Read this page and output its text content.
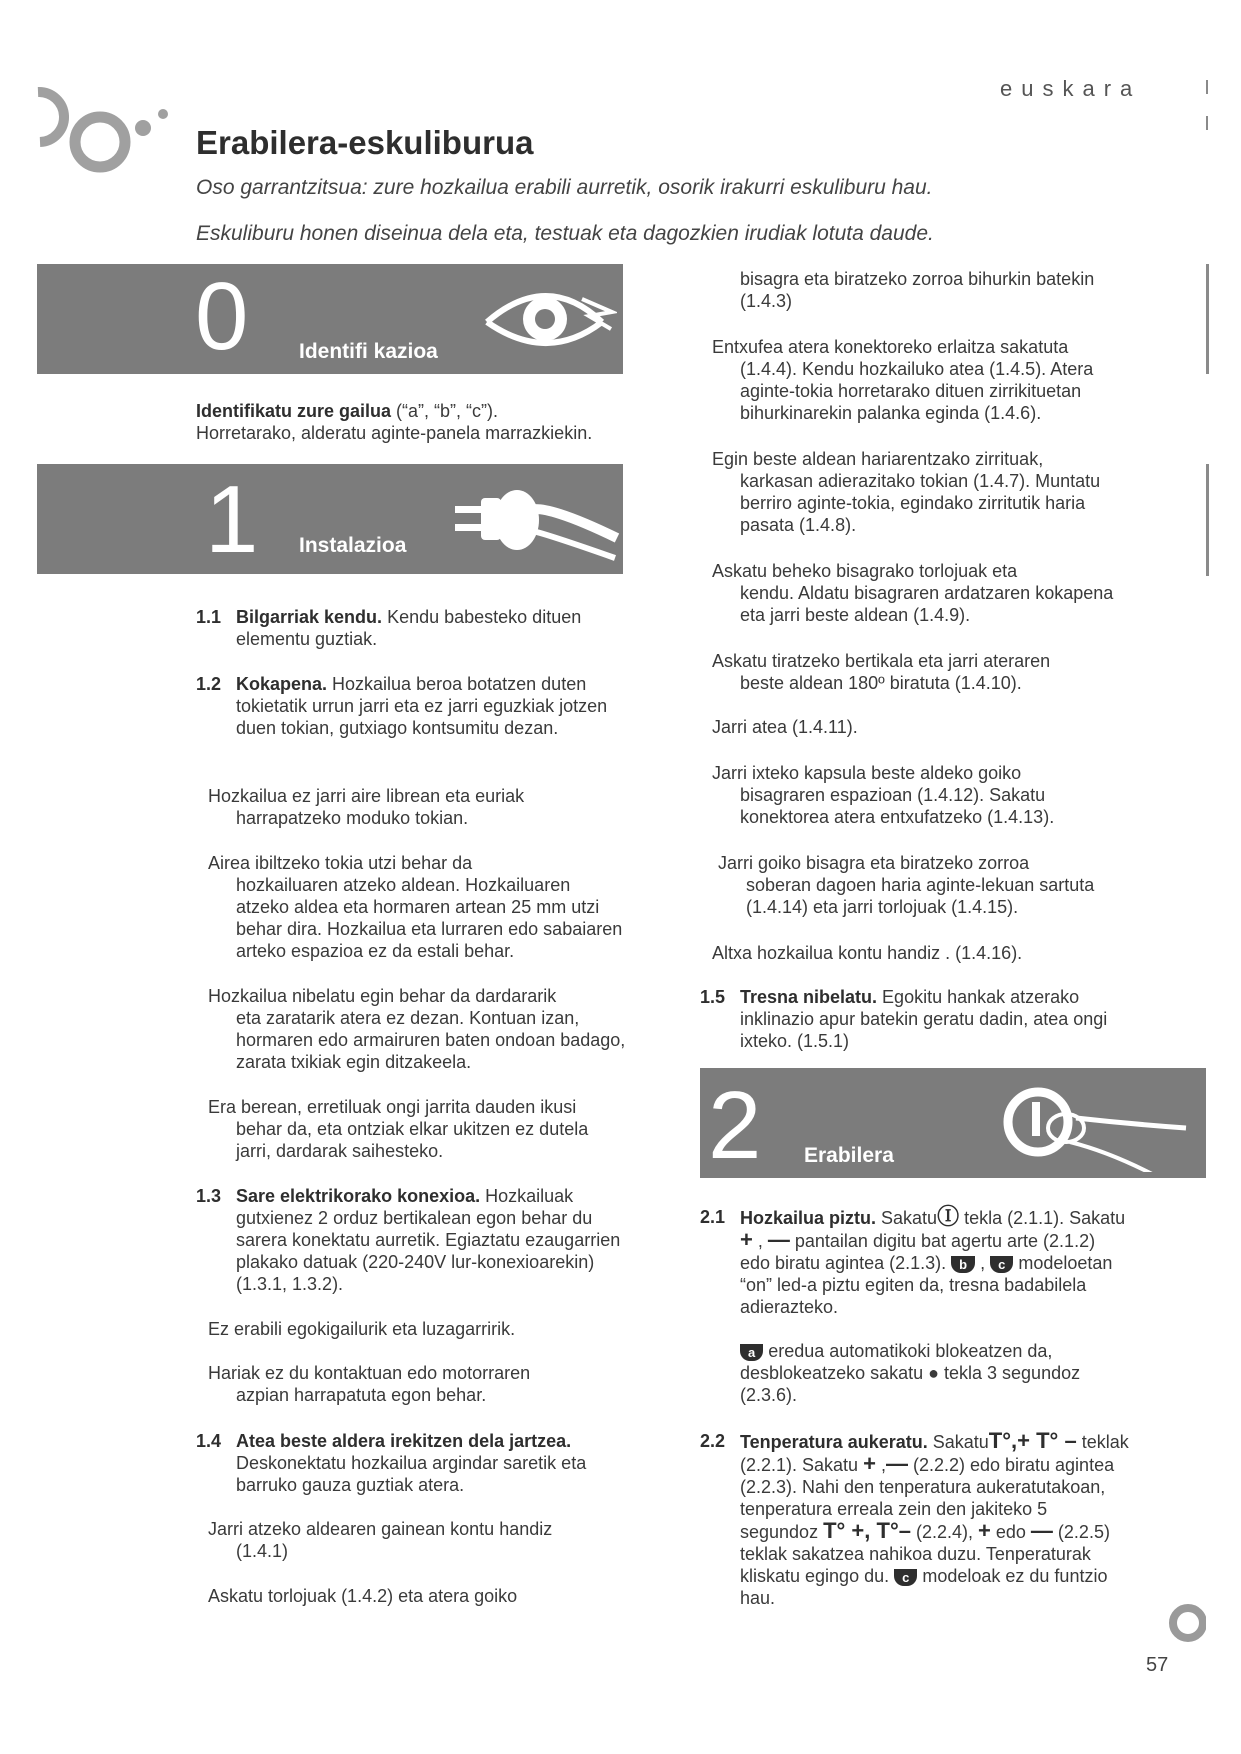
euskara
Erabilera-eskuliburua
Oso garrantzitsua: zure hozkailua erabili aurretik, osorik irakurri eskuliburu hau.
Eskuliburu honen diseinua dela eta, testuak eta dagozkien irudiak lotuta daude.
0 Identifi kazioa
Identifikatu zure gailua (“a”, “b”, “c”).
Horretarako, alderatu aginte-panela marrazkiekin.
1 Instalazioa
1.1 Bilgarriak kendu. Kendu babesteko dituen elementu guztiak.
1.2 Kokapena. Hozkailua beroa botatzen duten tokietatik urrun jarri eta ez jarri eguzkiak jotzen duen tokian, gutxiago kontsumitu dezan.
Hozkailua ez jarri aire librean eta euriak
harrapatzeko moduko tokian.
Airea ibiltzeko tokia utzi behar da
hozkailuaren atzeko aldean. Hozkailuaren atzeko aldea eta hormaren artean 25 mm utzi behar dira. Hozkailua eta lurraren edo sabaiaren arteko espazioa ez da estali behar.
Hozkailua nibelatu egin behar da dardararik
eta zaratarik atera ez dezan. Kontuan izan, hormaren edo armairuren baten ondoan badago, zarata txikiak egin ditzakeela.
Era berean, erretiluak ongi jarrita dauden ikusi
behar da, eta ontziak elkar ukitzen ez dutela jarri, dardarak saihesteko.
1.3 Sare elektrikorako konexioa. Hozkailuak gutxienez 2 orduz bertikalean egon behar du sarera konektatu aurretik. Egiaztatu ezaugarrien plakako datuak (220-240V lur-konexioarekin) (1.3.1, 1.3.2).
Ez erabili egokigailurik eta luzagarririk.
Hariak ez du kontaktuan edo motorraren
azpian harrapatuta egon behar.
1.4 Atea beste aldera irekitzen dela jartzea.
Deskonektatu hozkailua argindar saretik eta barruko gauza guztiak atera.
Jarri atzeko aldearen gainean kontu handiz
(1.4.1)
Askatu torlojuak (1.4.2) eta atera goiko
bisagra eta biratzeko zorroa bihurkin batekin
(1.4.3)
Entxufea atera konektoreko erlaitza sakatuta
(1.4.4). Kendu hozkailuko atea (1.4.5). Atera aginte-tokia horretarako dituen zirrikituetan bihurkinarekin palanka eginda (1.4.6).
Egin beste aldean hariarentzako zirrituak,
karkasan adierazitako tokian (1.4.7). Muntatu berriro aginte-tokia, egindako zirritutik haria pasata (1.4.8).
Askatu beheko bisagrako torlojuak eta
kendu. Aldatu bisagraren ardatzaren kokapena eta jarri beste aldean (1.4.9).
Askatu tiratzeko bertikala eta jarri ateraren
beste aldean 180º biratuta (1.4.10).
Jarri atea (1.4.11).
Jarri ixteko kapsula beste aldeko goiko
bisagraren espazioan (1.4.12). Sakatu konektorea atera entxufatzeko (1.4.13).
Jarri goiko bisagra eta biratzeko zorroa
soberan dagoen haria aginte-lekuan sartuta (1.4.14) eta jarri torlojuak (1.4.15).
Altxa hozkailua kontu handiz . (1.4.16).
1.5 Tresna nibelatu. Egokitu hankak atzerako inklinazio apur batekin geratu dadin, atea ongi ixteko. (1.5.1)
2 Erabilera
2.1 Hozkailua piztu. SakatuⒾ tekla (2.1.1). Sakatu + , — pantailan digitu bat agertu arte (2.1.2) edo biratu agintea (2.1.3). b , c modeloetan “on” led-a piztu egiten da, tresna badabilela adierazteko.
a eredua automatikoki blokeatzen da, desblokeatzeko sakatu ● tekla 3 segundoz (2.3.6).
2.2 Tenperatura aukeratu. SakatuT°,+ T° – teklak (2.2.1). Sakatu + ,— (2.2.2) edo biratu agintea (2.2.3). Nahi den tenperatura aukeratutakoan, tenperatura erreala zein den jakiteko 5 segundoz T° +, T°– (2.2.4), + edo — (2.2.5) teklak sakatzea nahikoa duzu. Tenperaturak kliskatu egingo du. c modeloak ez du funtzio hau.
57
